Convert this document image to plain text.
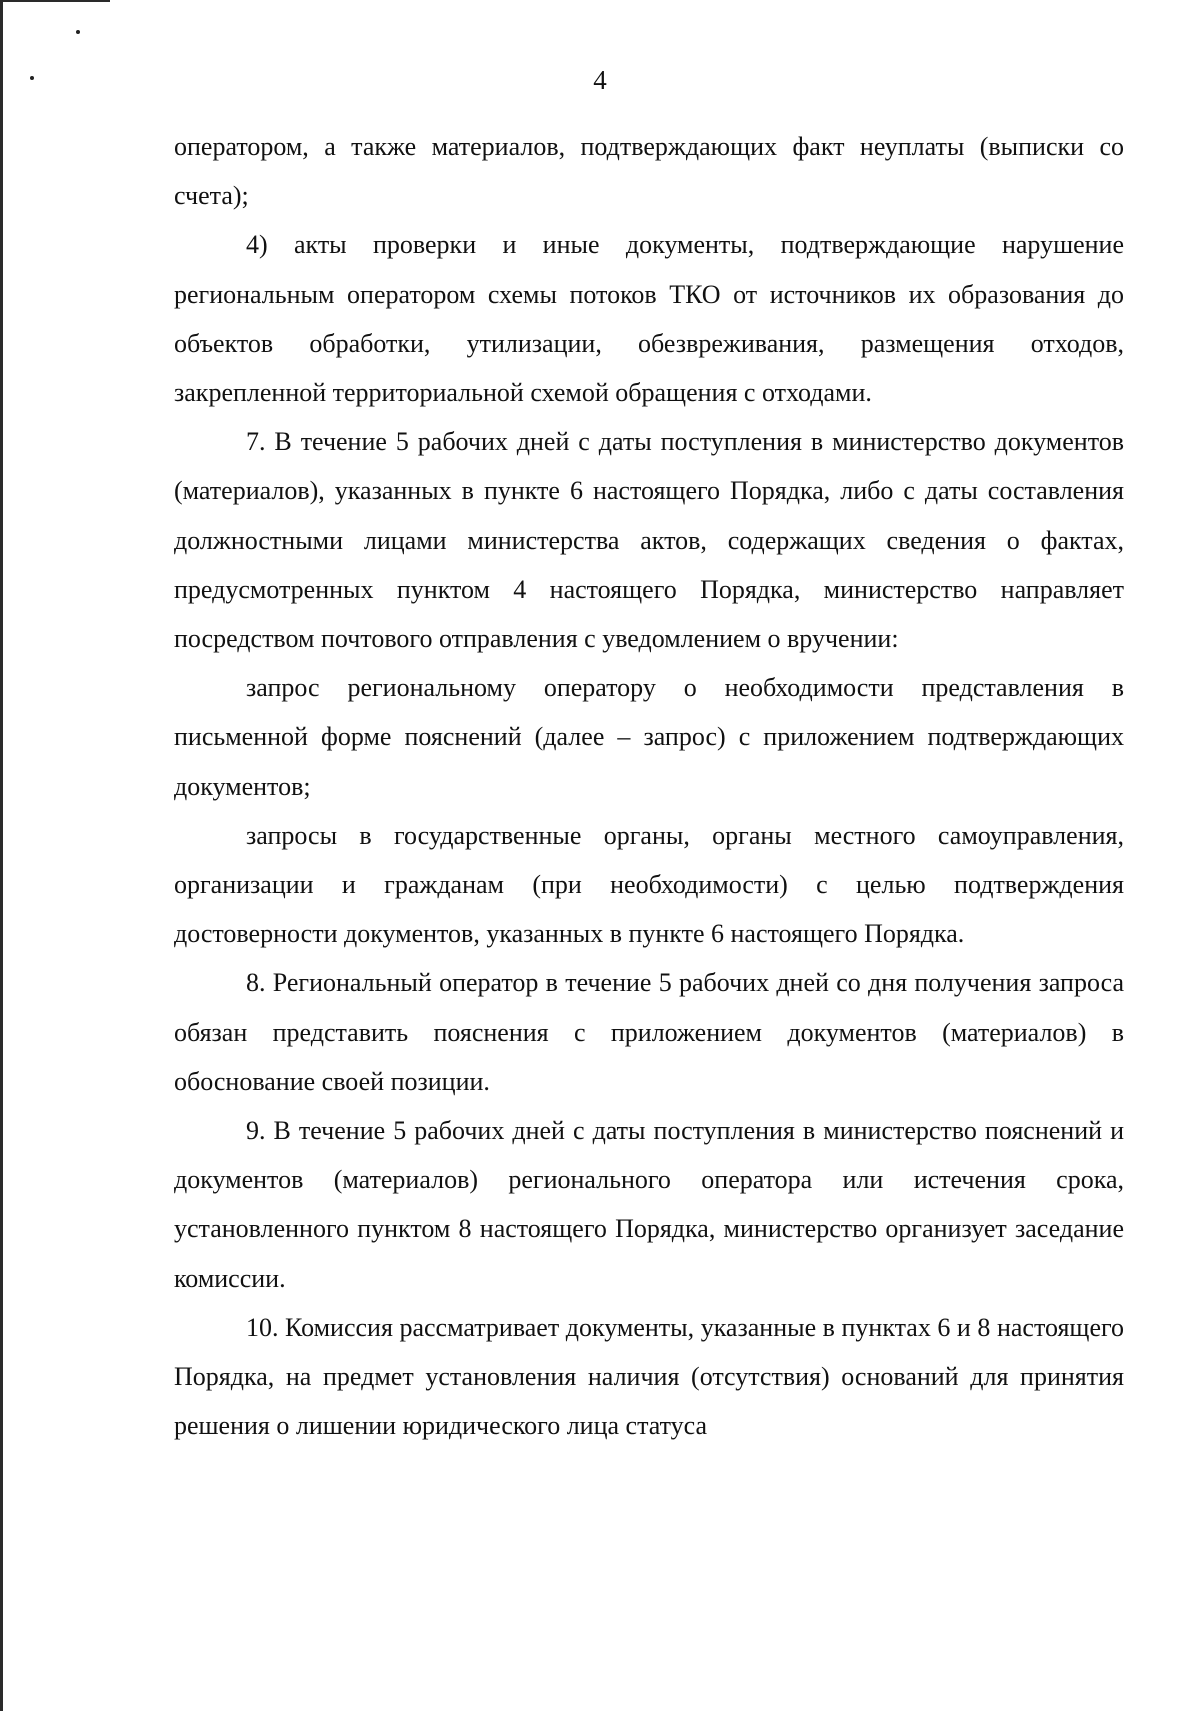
4

оператором, а также материалов, подтверждающих факт неуплаты (выписки со счета);

4) акты проверки и иные документы, подтверждающие нарушение региональным оператором схемы потоков ТКО от источников их образования до объектов обработки, утилизации, обезвреживания, размещения отходов, закрепленной территориальной схемой обращения с отходами.

7. В течение 5 рабочих дней с даты поступления в министерство документов (материалов), указанных в пункте 6 настоящего Порядка, либо с даты составления должностными лицами министерства актов, содержащих сведения о фактах, предусмотренных пунктом 4 настоящего Порядка, министерство направляет посредством почтового отправления с уведомлением о вручении:

запрос региональному оператору о необходимости представления в письменной форме пояснений (далее – запрос) с приложением подтверждающих документов;

запросы в государственные органы, органы местного самоуправления, организации и гражданам (при необходимости) с целью подтверждения достоверности документов, указанных в пункте 6 настоящего Порядка.

8. Региональный оператор в течение 5 рабочих дней со дня получения запроса обязан представить пояснения с приложением документов (материалов) в обоснование своей позиции.

9. В течение 5 рабочих дней с даты поступления в министерство пояснений и документов (материалов) регионального оператора или истечения срока, установленного пунктом 8 настоящего Порядка, министерство организует заседание комиссии.

10. Комиссия рассматривает документы, указанные в пунктах 6 и 8 настоящего Порядка, на предмет установления наличия (отсутствия) оснований для принятия решения о лишении юридического лица статуса
